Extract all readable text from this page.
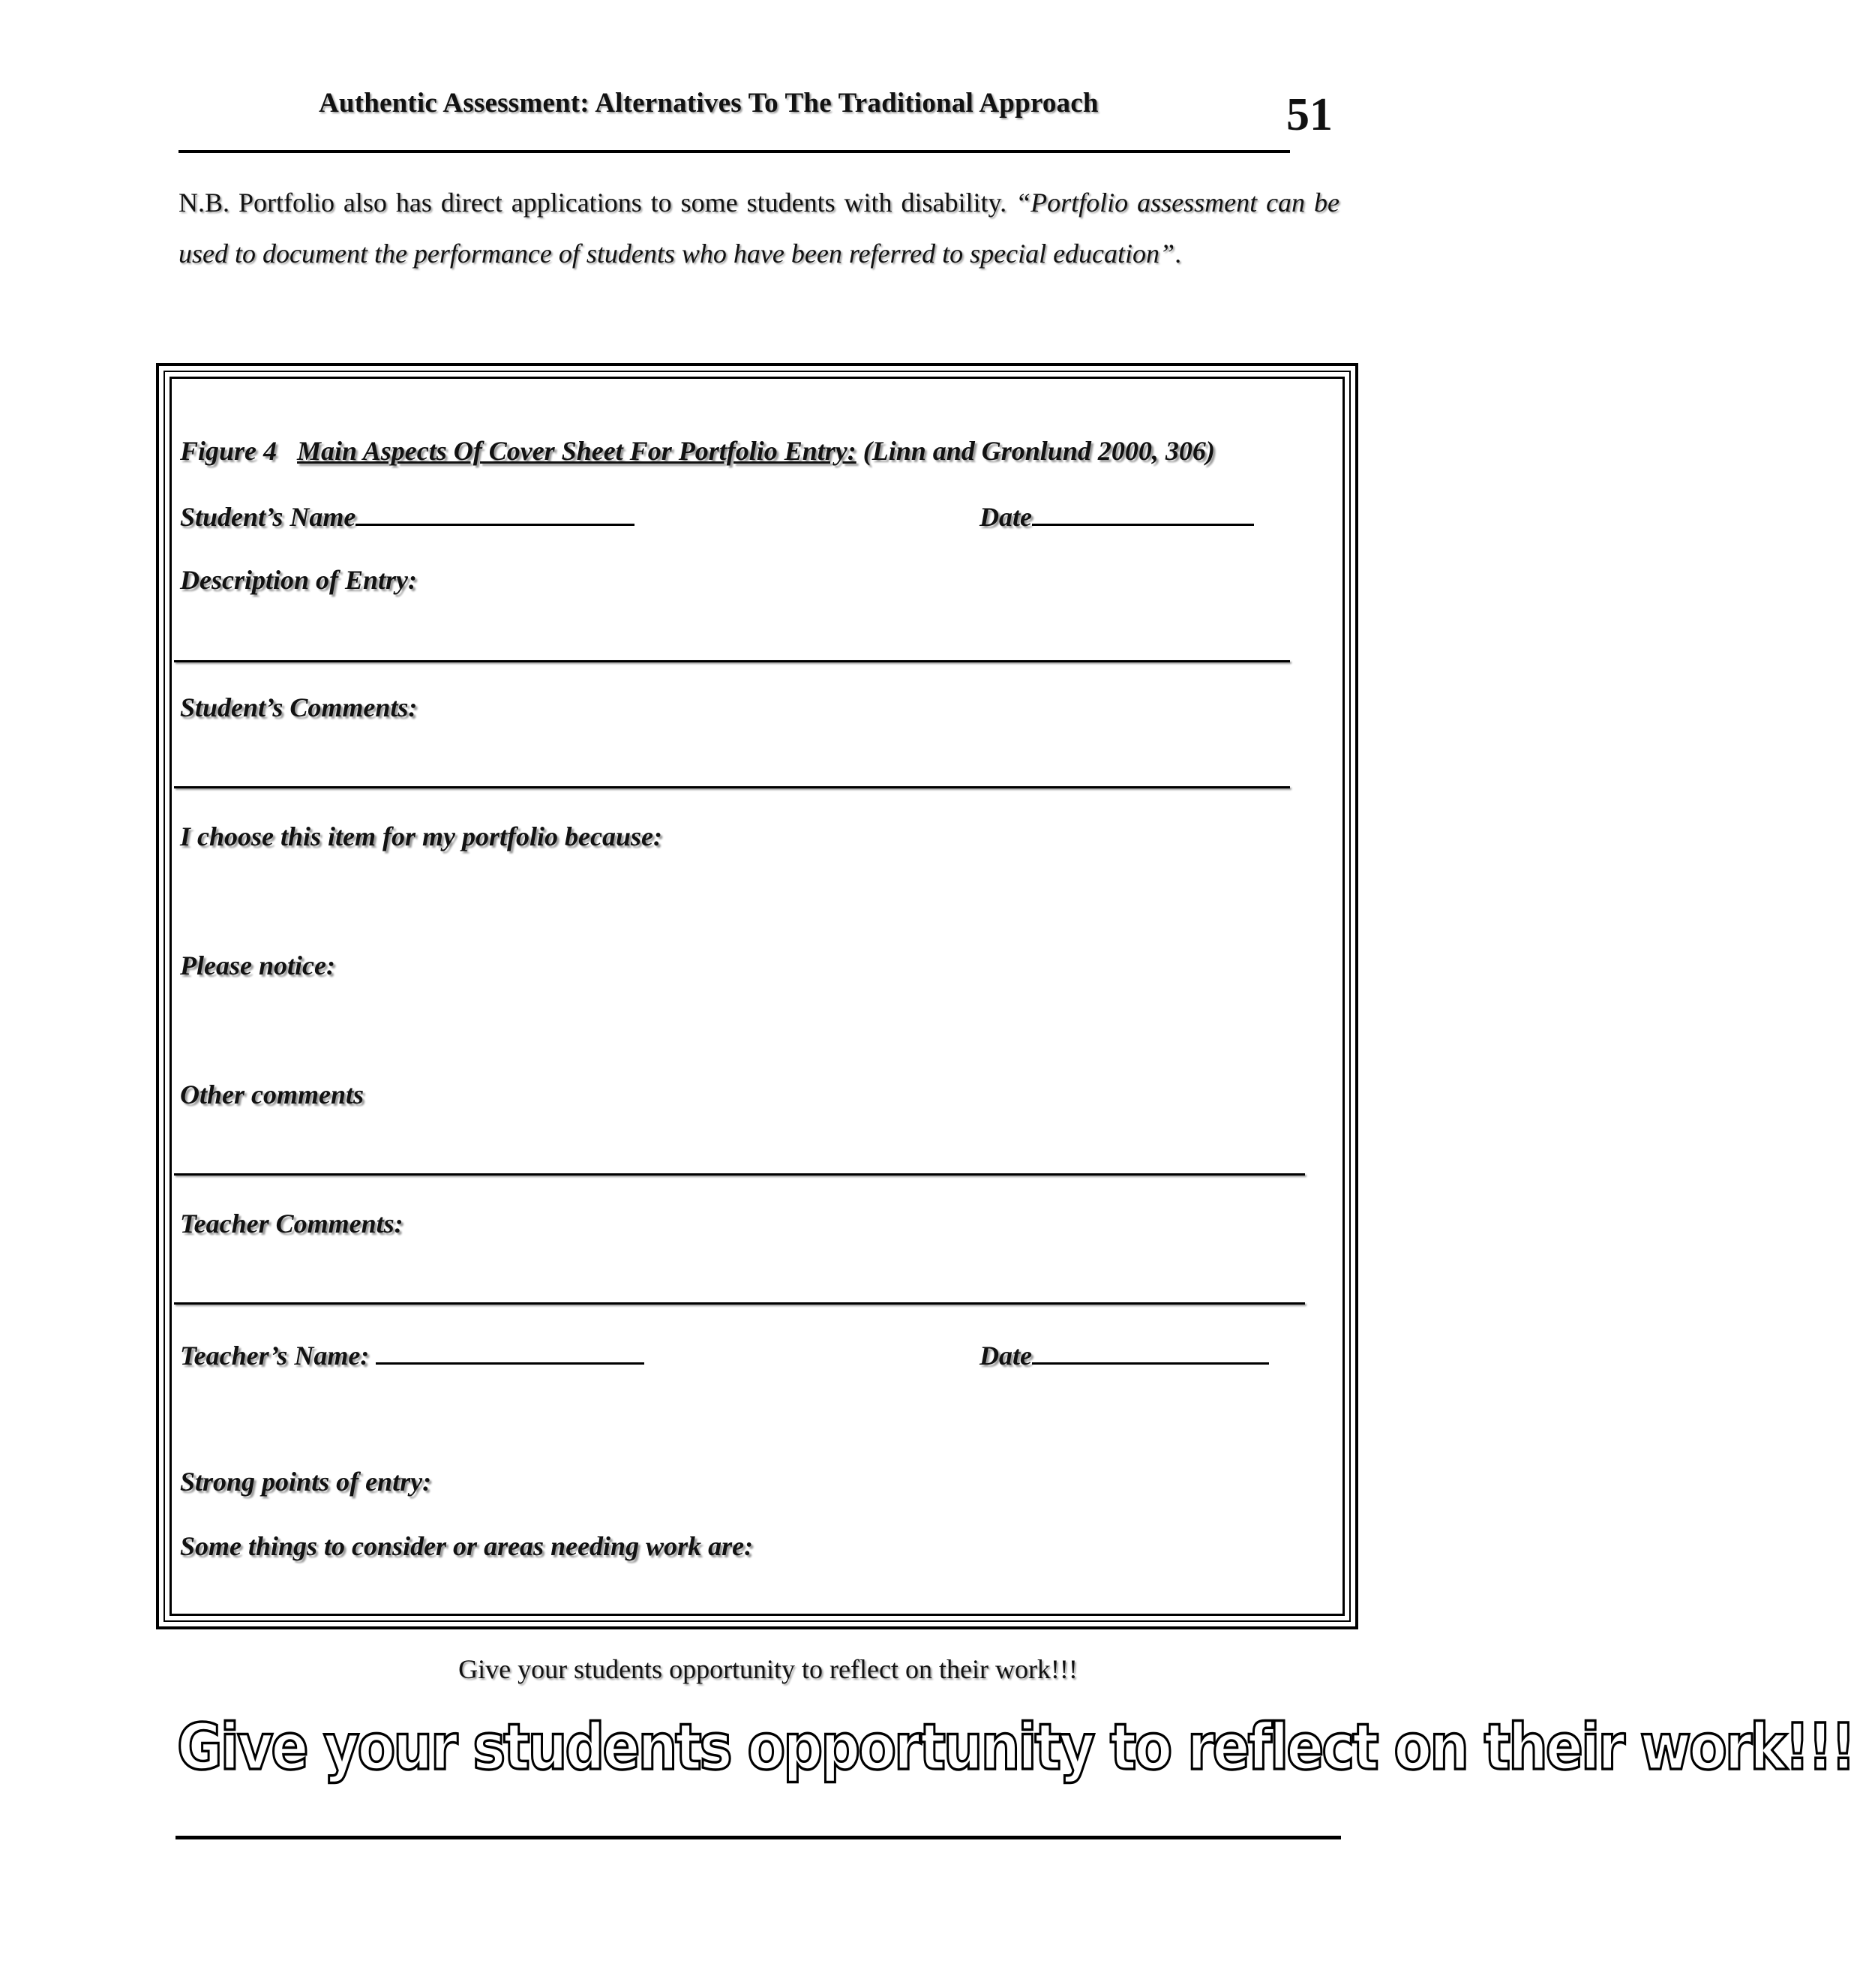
Authentic Assessment: Alternatives To The Traditional Approach	51
N.B. Portfolio also has direct applications to some students with disability. “Portfolio assessment can be used to document the performance of students who have been referred to special education”.
Figure 4 Main Aspects Of Cover Sheet For Portfolio Entry: (Linn and Gronlund 2000, 306)
Student’s Name	Date
Description of Entry:
Student’s Comments:
I choose this item for my portfolio because:
Please notice:
Other comments
Teacher Comments:
Teacher’s Name:	Date
Strong points of entry:
Some things to consider or areas needing work are:
Give your students opportunity to reflect on their work!!!
Give your students opportunity to reflect on their work!!!
